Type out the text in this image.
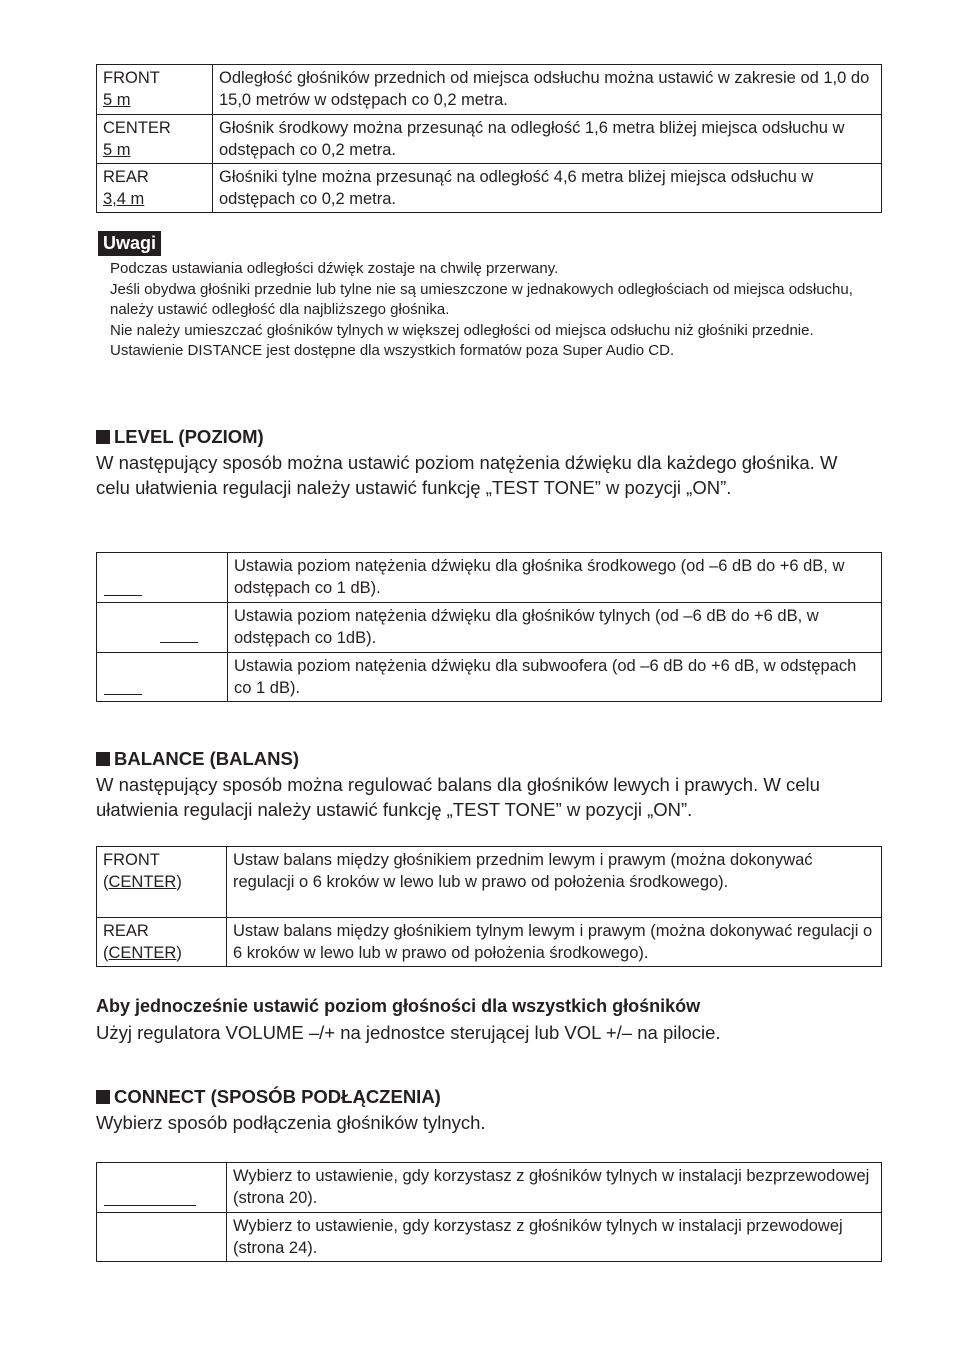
FRONT
5 m	Odległość głośników przednich od miejsca odsłuchu można ustawić w zakresie od 1,0 do 15,0 metrów w odstępach co 0,2 metra.
CENTER
5 m	Głośnik środkowy można przesunąć na odległość 1,6 metra bliżej miejsca odsłuchu w odstępach co 0,2 metra.
REAR
3,4 m	Głośniki tylne można przesunąć na odległość 4,6 metra bliżej miejsca odsłuchu w odstępach co 0,2 metra.
Uwagi

Podczas ustawiania odległości dźwięk zostaje na chwilę przerwany.

Jeśli obydwa głośniki przednie lub tylne nie są umieszczone w jednakowych odległościach od miejsca odsłuchu, należy ustawić odległość dla najbliższego głośnika.

Nie należy umieszczać głośników tylnych w większej odległości od miejsca odsłuchu niż głośniki przednie.

Ustawienie DISTANCE jest dostępne dla wszystkich formatów poza Super Audio CD.

LEVEL (POZIOM)
W następujący sposób można ustawić poziom natężenia dźwięku dla każdego głośnika. W celu ułatwienia regulacji należy ustawić funkcję „TEST TONE” w pozycji „ON”.
	Ustawia poziom natężenia dźwięku dla głośnika środkowego (od –6 dB do +6 dB, w odstępach co 1 dB).
	Ustawia poziom natężenia dźwięku dla głośników tylnych (od –6 dB do +6 dB, w odstępach co 1dB).
	Ustawia poziom natężenia dźwięku dla subwoofera (od –6 dB do +6 dB, w odstępach co 1 dB).
BALANCE (BALANS)
W następujący sposób można regulować balans dla głośników lewych i prawych. W celu ułatwienia regulacji należy ustawić funkcję „TEST TONE” w pozycji „ON”.
FRONT
(CENTER)	Ustaw balans między głośnikiem przednim lewym i prawym (można dokonywać regulacji o 6 kroków w lewo lub w prawo od położenia środkowego).
REAR
(CENTER)	Ustaw balans między głośnikiem tylnym lewym i prawym (można dokonywać regulacji o 6 kroków w lewo lub w prawo od położenia środkowego).
Aby jednocześnie ustawić poziom głośności dla wszystkich głośników
Użyj regulatora VOLUME –/+ na jednostce sterującej lub VOL +/– na pilocie.
CONNECT (SPOSÓB PODŁĄCZENIA)
Wybierz sposób podłączenia głośników tylnych.
	Wybierz to ustawienie, gdy korzystasz z głośników tylnych w instalacji bezprzewodowej (strona 20).
	Wybierz to ustawienie, gdy korzystasz z głośników tylnych w instalacji przewodowej (strona 24).
